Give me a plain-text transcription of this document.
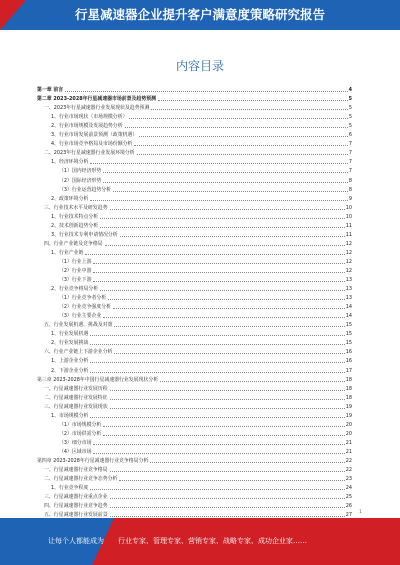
行星减速器企业提升客户满意度策略研究报告
内容目录
第一章 前言	4
第二章 2023-2028年行星减速器市场前景及趋势预测	5
一、2023年行星减速器行业发展现状及趋势预测	5
1、行业市场现状（市场规模分析）	5
2、行业市场规模及发展趋势分析	5
3、行业市场发展前景预测（政策机遇）	6
4、行业市场竞争格局及市场份额分析	7
二、2023年行星减速器行业发展环境分析	7
1、经济环境分析	7
（1）国内经济形势	7
（2）国际经济形势	8
（3）行业运营趋势分析	8
2、政策环境分析	9
三、行业技术水平及研发趋势	10
1、行业技术特点分析	10
2、技术创新趋势分析	11
3、行业技术专利申请情况分析	11
四、行业产业链及竞争格局	12
1、行业产业链	12
（1）行业上游	12
（2）行业中游	12
（3）行业下游	13
2、行业竞争格局分析	13
（1）行业竞争者分析	13
（2）行业竞争强度分析	14
（3）行业主要企业	14
五、行业发展机遇、挑战及对策	15
1、行业发展机遇	15
2、行业发展挑战	15
六、行业产业链上下游企业分析	16
1、上游企业分析	16
2、下游企业分析	17
第三章 2023-2028年中国行星减速器行业发展现状分析	18
一、行星减速器行业发展历程	18
二、行星减速器行业发展特征	18
三、行星减速器行业发展现状	19
1、市场规模分析	19
（1）市场规模分析	20
（2）市场供需分析	20
（3）细分市场	21
（4）区域市场	21
第四章 2023-2028年行星减速器行业竞争格局分析	22
一、行星减速器行业竞争格局	22
二、行星减速器行业竞争态势分析	23
1、行业竞争程度	24
三、行星减速器行业重点企业	25
四、行星减速器行业竞争趋势	26
五、行星减速器行业发展前景	27	1
让每个人都能成为 行业专家、管理专家、营销专家、战略专家、成功企业家……
